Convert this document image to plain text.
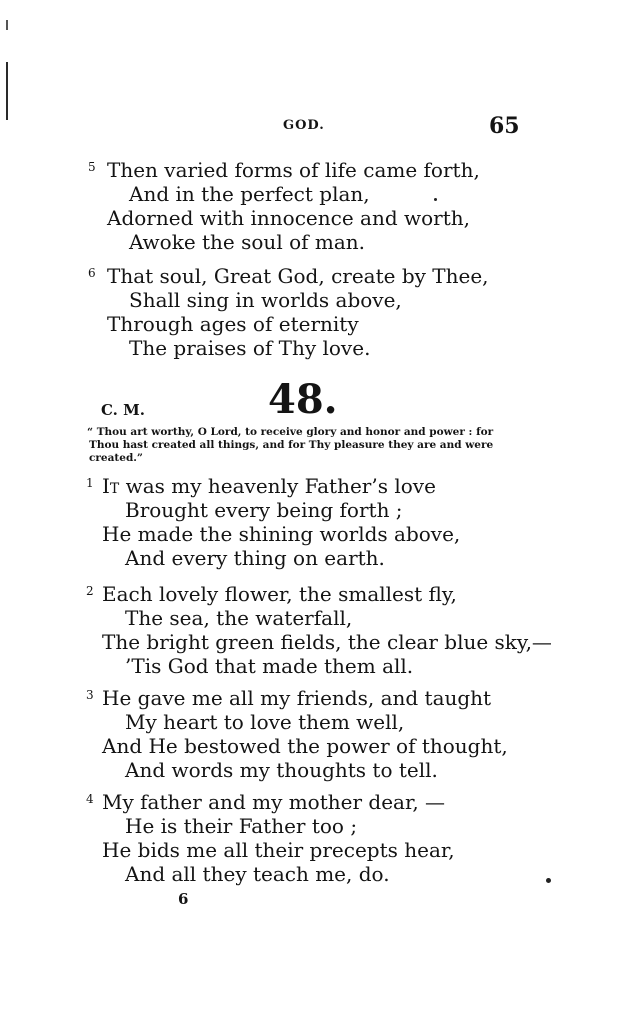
GOD.	65
5 Then varied forms of life came forth,
And in the perfect plan,
Adorned with innocence and worth,
Awoke the soul of man.
6 That soul, Great God, create by Thee,
Shall sing in worlds above,
Through ages of eternity
The praises of Thy love.
C. M.	48.
“ Thou art worthy, O Lord, to receive glory and honor and power : for
Thou hast created all things, and for Thy pleasure they are and were
created.”
1 It was my heavenly Father’s love
Brought every being forth ;
He made the shining worlds above,
And every thing on earth.
2 Each lovely flower, the smallest fly,
The sea, the waterfall,
The bright green fields, the clear blue sky,—
’Tis God that made them all.
3 He gave me all my friends, and taught
My heart to love them well,
And He bestowed the power of thought,
And words my thoughts to tell.
4 My father and my mother dear, —
He is their Father too ;
He bids me all their precepts hear,
And all they teach me, do.
6
